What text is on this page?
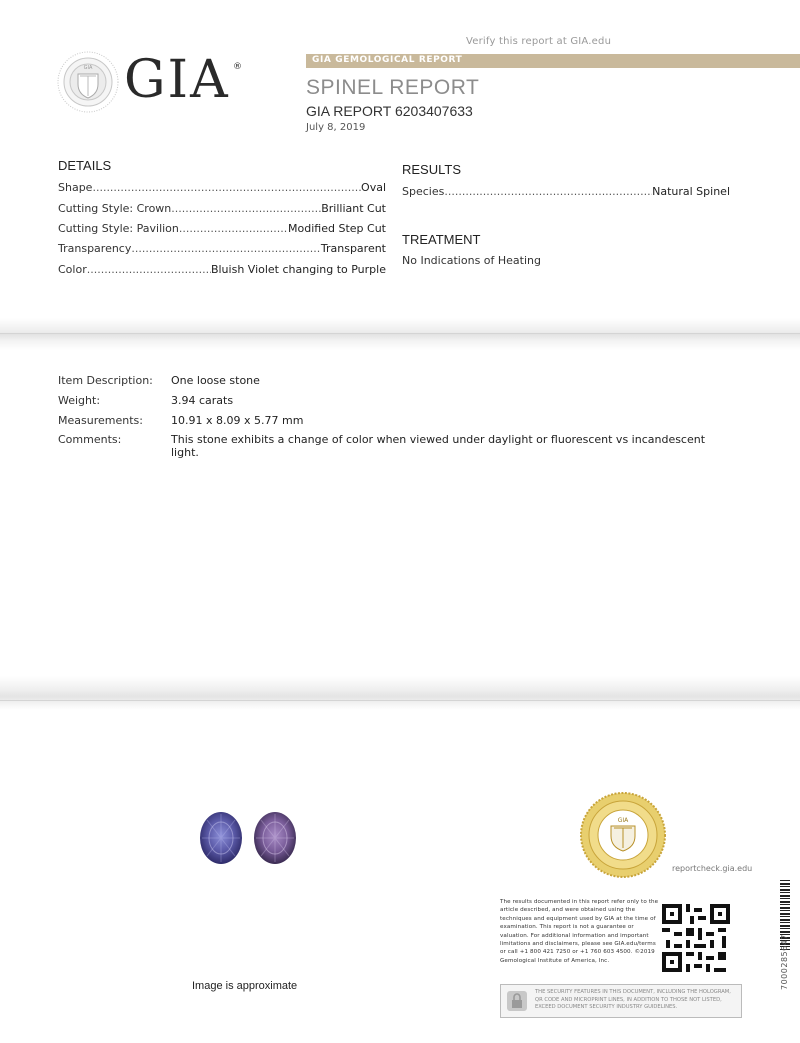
Verify this report at GIA.edu
GIA GIA ®
GIA GEMOLOGICAL REPORT
SPINEL REPORT
GIA REPORT 6203407633
July 8, 2019
DETAILS
Shape .....	Oval
Cutting Style: Crown .....	Brilliant Cut
Cutting Style: Pavilion .....	Modified Step Cut
Transparency .....	Transparent
Color .....	Bluish Violet changing to Purple
RESULTS
Species .....	Natural Spinel
TREATMENT
No Indications of Heating
Item Description: One loose stone
Weight:	3.94 carats
Measurements:	10.91 x 8.09 x 5.77 mm
Comments:	This stone exhibits a change of color when viewed under daylight or fluorescent vs incandescent light.
Image is approximate
GIA
reportcheck.gia.edu
The results documented in this report refer only to the article described, and were obtained using the techniques and equipment used by GIA at the time of examination. This report is not a guarantee or valuation. For additional information and important limitations and disclaimers, please see GIA.edu/terms or call +1 800 421 7250 or +1 760 603 4500. ©2019 Gemological Institute of America, Inc.
THE SECURITY FEATURES IN THIS DOCUMENT, INCLUDING THE HOLOGRAM, QR CODE AND MICROPRINT LINES, IN ADDITION TO THOSE NOT LISTED, EXCEED DOCUMENT SECURITY INDUSTRY GUIDELINES.
7000285647
